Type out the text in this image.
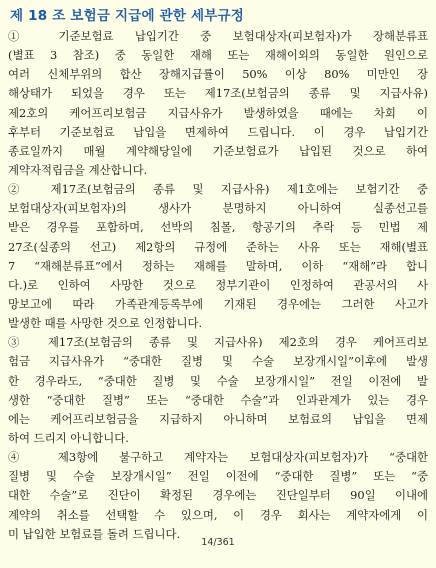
제 18 조 보험금 지급에 관한 세부규정
① 기준보험료 납입기간 중 보험대상자(피보험자)가 장해분류표
(별표 3 참조) 중 동일한 재해 또는 재해이외의 동일한 원인으로
여러 신체부위의 합산 장해지급률이 50% 이상 80% 미만인 장
해상태가 되었을 경우 또는 제17조(보험금의 종류 및 지급사유)
제2호의 케어프리보험금 지급사유가 발생하였을 때에는 차회 이
후부터 기준보험료 납입을 면제하여 드립니다. 이 경우 납입기간
종료일까지 매월 계약해당일에 기준보험료가 납입된 것으로 하여
계약자적립금을 계산합니다.
② 제17조(보험금의 종류 및 지급사유) 제1호에는 보험기간 중
보험대상자(피보험자)의 생사가 분명하지 아니하여 실종선고를
받은 경우를 포함하며, 선박의 침몰, 항공기의 추락 등 민법 제
27조(실종의 선고) 제2항의 규정에 준하는 사유 또는 재해(별표
7 “재해분류표”에서 정하는 재해를 말하며, 이하 “재해”라 합니
다.)로 인하여 사망한 것으로 정부기관이 인정하여 관공서의 사
망보고에 따라 가족관계등록부에 기재된 경우에는 그러한 사고가
발생한 때를 사망한 것으로 인정합니다.
③ 제17조(보험금의 종류 및 지급사유) 제2호의 경우 케어프리보
험금 지급사유가 “중대한 질병 및 수술 보장개시일”이후에 발생
한 경우라도, “중대한 질병 및 수술 보장개시일” 전일 이전에 발
생한 “중대한 질병” 또는 “중대한 수술”과 인과관계가 있는 경우
에는 케어프리보험금을 지급하지 아니하며 보험료의 납입을 면제
하여 드리지 아니합니다.
④ 제3항에 불구하고 계약자는 보험대상자(피보험자)가 “중대한
질병 및 수술 보장개시일” 전일 이전에 “중대한 질병” 또는 “중
대한 수술”로 진단이 확정된 경우에는 진단일부터 90일 이내에
계약의 취소를 선택할 수 있으며, 이 경우 회사는 계약자에게 이
미 납입한 보험료를 돌려 드립니다.
14/361
